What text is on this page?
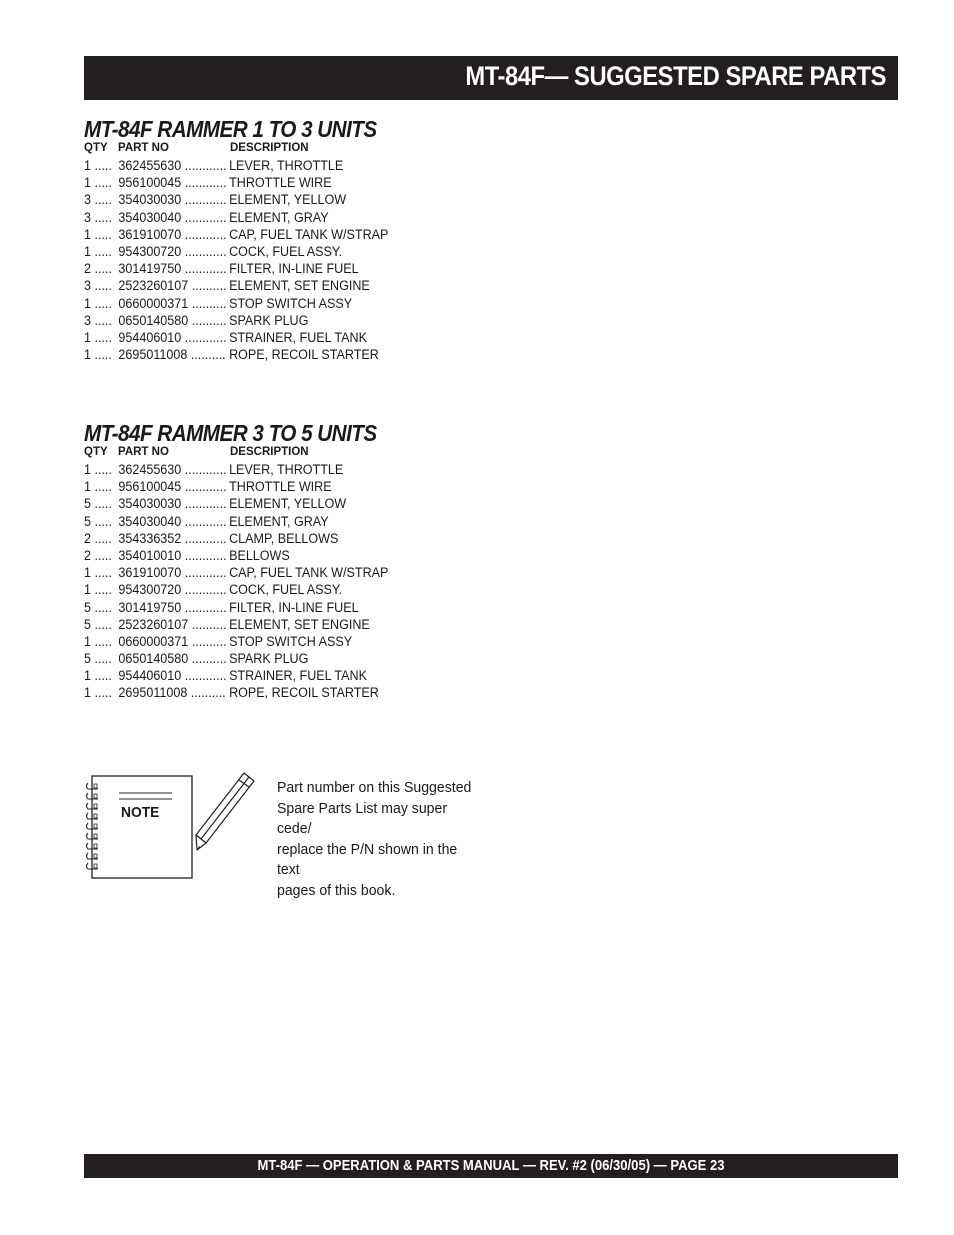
MT-84F— SUGGESTED SPARE PARTS
MT-84F RAMMER 1 TO 3 UNITS
QTY PART NO	DESCRIPTION
1 ..... 362455630 ............ LEVER, THROTTLE
1 ..... 956100045 ............ THROTTLE WIRE
3 ..... 354030030 ............ ELEMENT, YELLOW
3 ..... 354030040 ............ ELEMENT, GRAY
1 ..... 361910070 ............ CAP, FUEL TANK W/STRAP
1 ..... 954300720 ............ COCK, FUEL ASSY.
2 ..... 301419750 ............ FILTER, IN-LINE FUEL
3 ..... 2523260107 .......... ELEMENT, SET ENGINE
1 ..... 0660000371 .......... STOP SWITCH ASSY
3 ..... 0650140580 .......... SPARK PLUG
1 ..... 954406010 ............ STRAINER, FUEL TANK
1 ..... 2695011008 .......... ROPE, RECOIL STARTER
MT-84F RAMMER 3 TO 5 UNITS
QTY PART NO	DESCRIPTION
1 ..... 362455630 ............ LEVER, THROTTLE
1 ..... 956100045 ............ THROTTLE WIRE
5 ..... 354030030 ............ ELEMENT, YELLOW
5 ..... 354030040 ............ ELEMENT, GRAY
2 ..... 354336352 ............ CLAMP, BELLOWS
2 ..... 354010010 ............ BELLOWS
1 ..... 361910070 ............ CAP, FUEL TANK W/STRAP
1 ..... 954300720 ............ COCK, FUEL ASSY.
5 ..... 301419750 ............ FILTER, IN-LINE FUEL
5 ..... 2523260107 .......... ELEMENT, SET ENGINE
1 ..... 0660000371 .......... STOP SWITCH ASSY
5 ..... 0650140580 .......... SPARK PLUG
1 ..... 954406010 ............ STRAINER, FUEL TANK
1 ..... 2695011008 .......... ROPE, RECOIL STARTER
NOTE
Part number on this Suggested
Spare Parts List may super cede/
replace the P/N shown in the text
pages of this book.
MT-84F — OPERATION & PARTS MANUAL — REV. #2 (06/30/05) — PAGE 23
